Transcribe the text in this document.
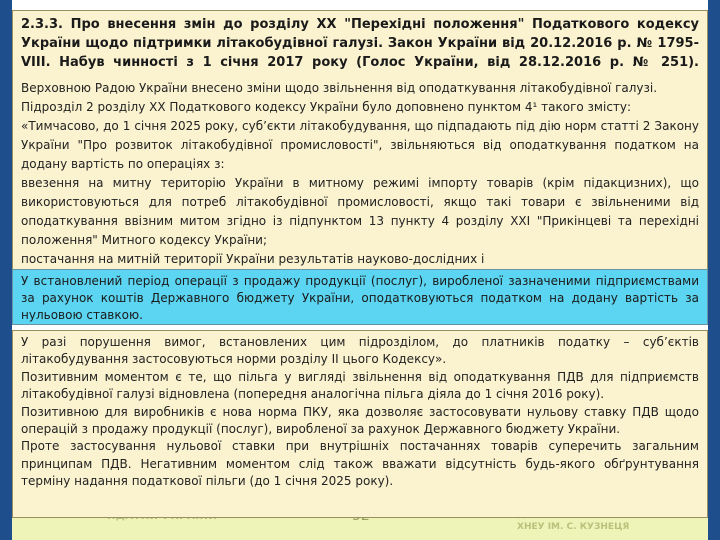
Верховною Радою України внесено зміни щодо звільнення від оподаткування літакобудівної галузі.

Підрозділ 2 розділу ХХ Податкового кодексу України було доповнено пунктом 4¹ такого змісту:

«Тимчасово, до 1 січня 2025 року, суб’єкти літакобудування, що підпадають під дію норм статті 2 Закону України "Про розвиток літакобудівної промисловості", звільняються від оподаткування податком на додану вартість по операціях з:

ввезення на митну територію України в митному режимі імпорту товарів (крім підакцизних), що використовуються для потреб літакобудівної промисловості, якщо такі товари є звільненими від оподаткування ввізним митом згідно із підпунктом 13 пункту 4 розділу XXI "Прикінцеві та перехідні положення" Митного кодексу України;

постачання на митній території України результатів науково-дослідних і

2.3.3. Про внесення змін до розділу ХХ "Перехідні положення" Податкового кодексу України щодо підтримки літакобудівної галузі. Закон України від 20.12.2016 р. № 1795-VIII. Набув чинності з 1 січня 2017 року (Голос України, від 28.12.2016 р. № 251).
У встановлений період операції з продажу продукції (послуг), виробленої зазначеними підприємствами за рахунок коштів Державного бюджету України, оподатковуються податком на додану вартість за нульовою ставкою.
ХНЕУ ІМ. С. КУЗНЕЦЯ

У разі порушення вимог, встановлених цим підрозділом, до платників податку – суб’єктів літакобудування застосовуються норми розділу ІІ цього Кодексу».

Позитивним моментом є те, що пільга у вигляді звільнення від оподаткування ПДВ для підприємств літакобудівної галузі відновлена (попередня аналогічна пільга діяла до 1 січня 2016 року).

Позитивною для виробників є нова норма ПКУ, яка дозволяє застосовувати нульову ставку ПДВ щодо операцій з продажу продукції (послуг), виробленої за рахунок Державного бюджету України.

Проте застосування нульової ставки при внутрішніх постачаннях товарів суперечить загальним принципам ПДВ. Негативним моментом слід також вважати відсутність будь-якого обґрунтування терміну надання податкової пільги (до 1 січня 2025 року).
